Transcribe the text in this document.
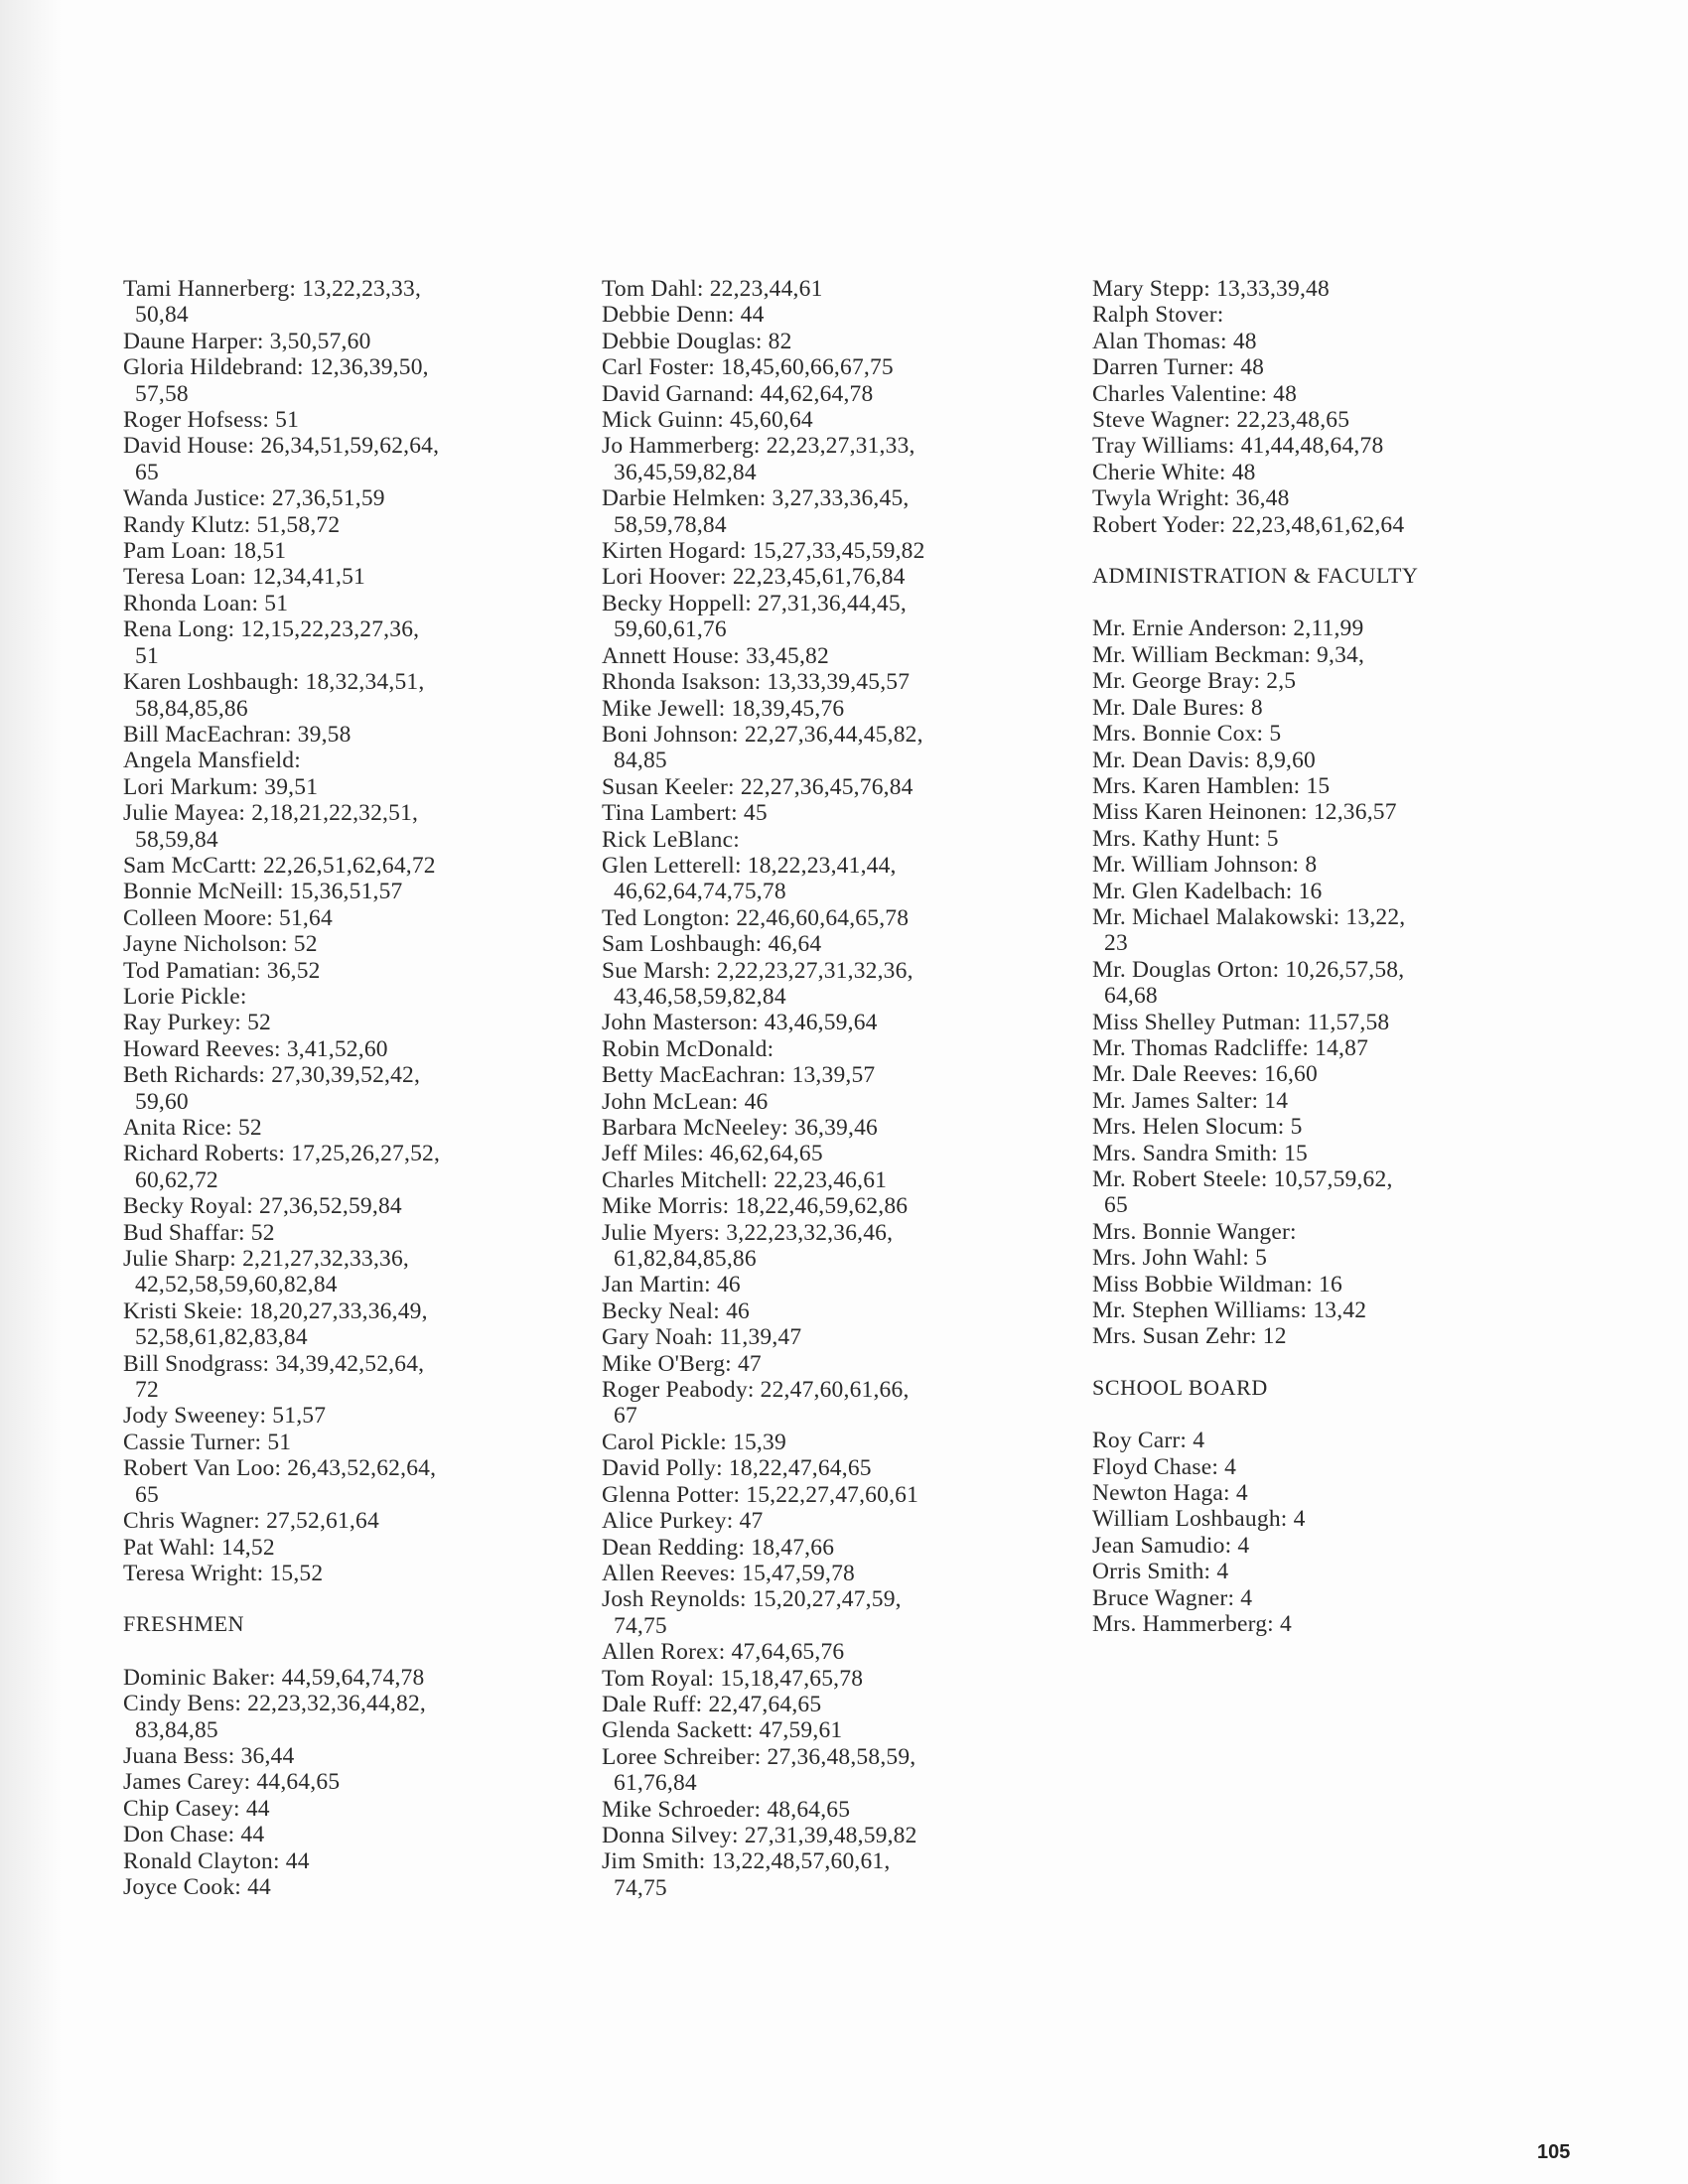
Tami Hannerberg: 13,22,23,33,
50,84
Daune Harper: 3,50,57,60
Gloria Hildebrand: 12,36,39,50,
57,58
Roger Hofsess: 51
David House: 26,34,51,59,62,64,
65
Wanda Justice: 27,36,51,59
Randy Klutz: 51,58,72
Pam Loan: 18,51
Teresa Loan: 12,34,41,51
Rhonda Loan: 51
Rena Long: 12,15,22,23,27,36,
51
Karen Loshbaugh: 18,32,34,51,
58,84,85,86
Bill MacEachran: 39,58
Angela Mansfield:
Lori Markum: 39,51
Julie Mayea: 2,18,21,22,32,51,
58,59,84
Sam McCartt: 22,26,51,62,64,72
Bonnie McNeill: 15,36,51,57
Colleen Moore: 51,64
Jayne Nicholson: 52
Tod Pamatian: 36,52
Lorie Pickle:
Ray Purkey: 52
Howard Reeves: 3,41,52,60
Beth Richards: 27,30,39,52,42,
59,60
Anita Rice: 52
Richard Roberts: 17,25,26,27,52,
60,62,72
Becky Royal: 27,36,52,59,84
Bud Shaffar: 52
Julie Sharp: 2,21,27,32,33,36,
42,52,58,59,60,82,84
Kristi Skeie: 18,20,27,33,36,49,
52,58,61,82,83,84
Bill Snodgrass: 34,39,42,52,64,
72
Jody Sweeney: 51,57
Cassie Turner: 51
Robert Van Loo: 26,43,52,62,64,
65
Chris Wagner: 27,52,61,64
Pat Wahl: 14,52
Teresa Wright: 15,52
FRESHMEN
Dominic Baker: 44,59,64,74,78
Cindy Bens: 22,23,32,36,44,82,
83,84,85
Juana Bess: 36,44
James Carey: 44,64,65
Chip Casey: 44
Don Chase: 44
Ronald Clayton: 44
Joyce Cook: 44
Tom Dahl: 22,23,44,61
Debbie Denn: 44
Debbie Douglas: 82
Carl Foster: 18,45,60,66,67,75
David Garnand: 44,62,64,78
Mick Guinn: 45,60,64
Jo Hammerberg: 22,23,27,31,33,
36,45,59,82,84
Darbie Helmken: 3,27,33,36,45,
58,59,78,84
Kirten Hogard: 15,27,33,45,59,82
Lori Hoover: 22,23,45,61,76,84
Becky Hoppell: 27,31,36,44,45,
59,60,61,76
Annett House: 33,45,82
Rhonda Isakson: 13,33,39,45,57
Mike Jewell: 18,39,45,76
Boni Johnson: 22,27,36,44,45,82,
84,85
Susan Keeler: 22,27,36,45,76,84
Tina Lambert: 45
Rick LeBlanc:
Glen Letterell: 18,22,23,41,44,
46,62,64,74,75,78
Ted Longton: 22,46,60,64,65,78
Sam Loshbaugh: 46,64
Sue Marsh: 2,22,23,27,31,32,36,
43,46,58,59,82,84
John Masterson: 43,46,59,64
Robin McDonald:
Betty MacEachran: 13,39,57
John McLean: 46
Barbara McNeeley: 36,39,46
Jeff Miles: 46,62,64,65
Charles Mitchell: 22,23,46,61
Mike Morris: 18,22,46,59,62,86
Julie Myers: 3,22,23,32,36,46,
61,82,84,85,86
Jan Martin: 46
Becky Neal: 46
Gary Noah: 11,39,47
Mike O'Berg: 47
Roger Peabody: 22,47,60,61,66,
67
Carol Pickle: 15,39
David Polly: 18,22,47,64,65
Glenna Potter: 15,22,27,47,60,61
Alice Purkey: 47
Dean Redding: 18,47,66
Allen Reeves: 15,47,59,78
Josh Reynolds: 15,20,27,47,59,
74,75
Allen Rorex: 47,64,65,76
Tom Royal: 15,18,47,65,78
Dale Ruff: 22,47,64,65
Glenda Sackett: 47,59,61
Loree Schreiber: 27,36,48,58,59,
61,76,84
Mike Schroeder: 48,64,65
Donna Silvey: 27,31,39,48,59,82
Jim Smith: 13,22,48,57,60,61,
74,75
Mary Stepp: 13,33,39,48
Ralph Stover:
Alan Thomas: 48
Darren Turner: 48
Charles Valentine: 48
Steve Wagner: 22,23,48,65
Tray Williams: 41,44,48,64,78
Cherie White: 48
Twyla Wright: 36,48
Robert Yoder: 22,23,48,61,62,64
ADMINISTRATION & FACULTY
Mr. Ernie Anderson: 2,11,99
Mr. William Beckman: 9,34,
Mr. George Bray: 2,5
Mr. Dale Bures: 8
Mrs. Bonnie Cox: 5
Mr. Dean Davis: 8,9,60
Mrs. Karen Hamblen: 15
Miss Karen Heinonen: 12,36,57
Mrs. Kathy Hunt: 5
Mr. William Johnson: 8
Mr. Glen Kadelbach: 16
Mr. Michael Malakowski: 13,22,
23
Mr. Douglas Orton: 10,26,57,58,
64,68
Miss Shelley Putman: 11,57,58
Mr. Thomas Radcliffe: 14,87
Mr. Dale Reeves: 16,60
Mr. James Salter: 14
Mrs. Helen Slocum: 5
Mrs. Sandra Smith: 15
Mr. Robert Steele: 10,57,59,62,
65
Mrs. Bonnie Wanger:
Mrs. John Wahl: 5
Miss Bobbie Wildman: 16
Mr. Stephen Williams: 13,42
Mrs. Susan Zehr: 12
SCHOOL BOARD
Roy Carr: 4
Floyd Chase: 4
Newton Haga: 4
William Loshbaugh: 4
Jean Samudio: 4
Orris Smith: 4
Bruce Wagner: 4
Mrs. Hammerberg: 4
105
